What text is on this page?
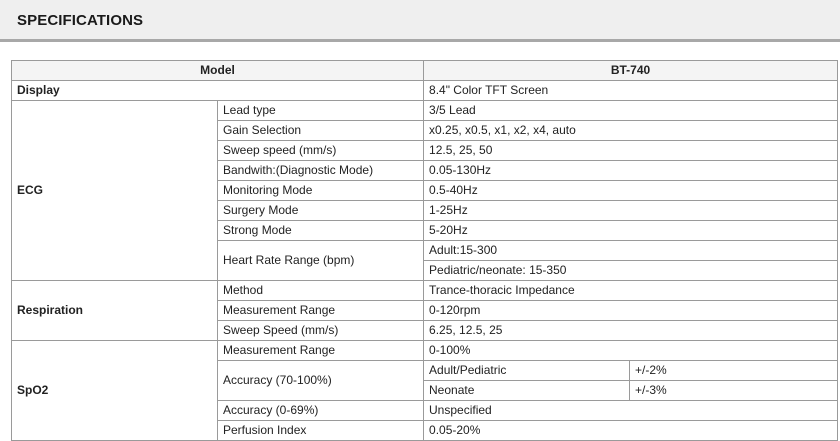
SPECIFICATIONS
Model		BT-740	
Display		8.4" Color TFT Screen	
ECG	Lead type	3/5 Lead	
	Gain Selection	x0.25, x0.5, x1, x2, x4, auto	
	Sweep speed (mm/s)	12.5, 25, 50	
	Bandwith:(Diagnostic Mode)	0.05-130Hz	
	Monitoring Mode	0.5-40Hz	
	Surgery Mode	1-25Hz	
	Strong Mode	5-20Hz	
	Heart Rate Range (bpm)	Adult:15-300	
		Pediatric/neonate: 15-350	
Respiration	Method	Trance-thoracic Impedance	
	Measurement Range	0-120rpm	
	Sweep Speed (mm/s)	6.25, 12.5, 25	
SpO2	Measurement Range	0-100%	
	Accuracy (70-100%)	Adult/Pediatric	+/-2%
		Neonate	+/-3%
	Accuracy (0-69%)	Unspecified	
	Perfusion Index	0.05-20%	
